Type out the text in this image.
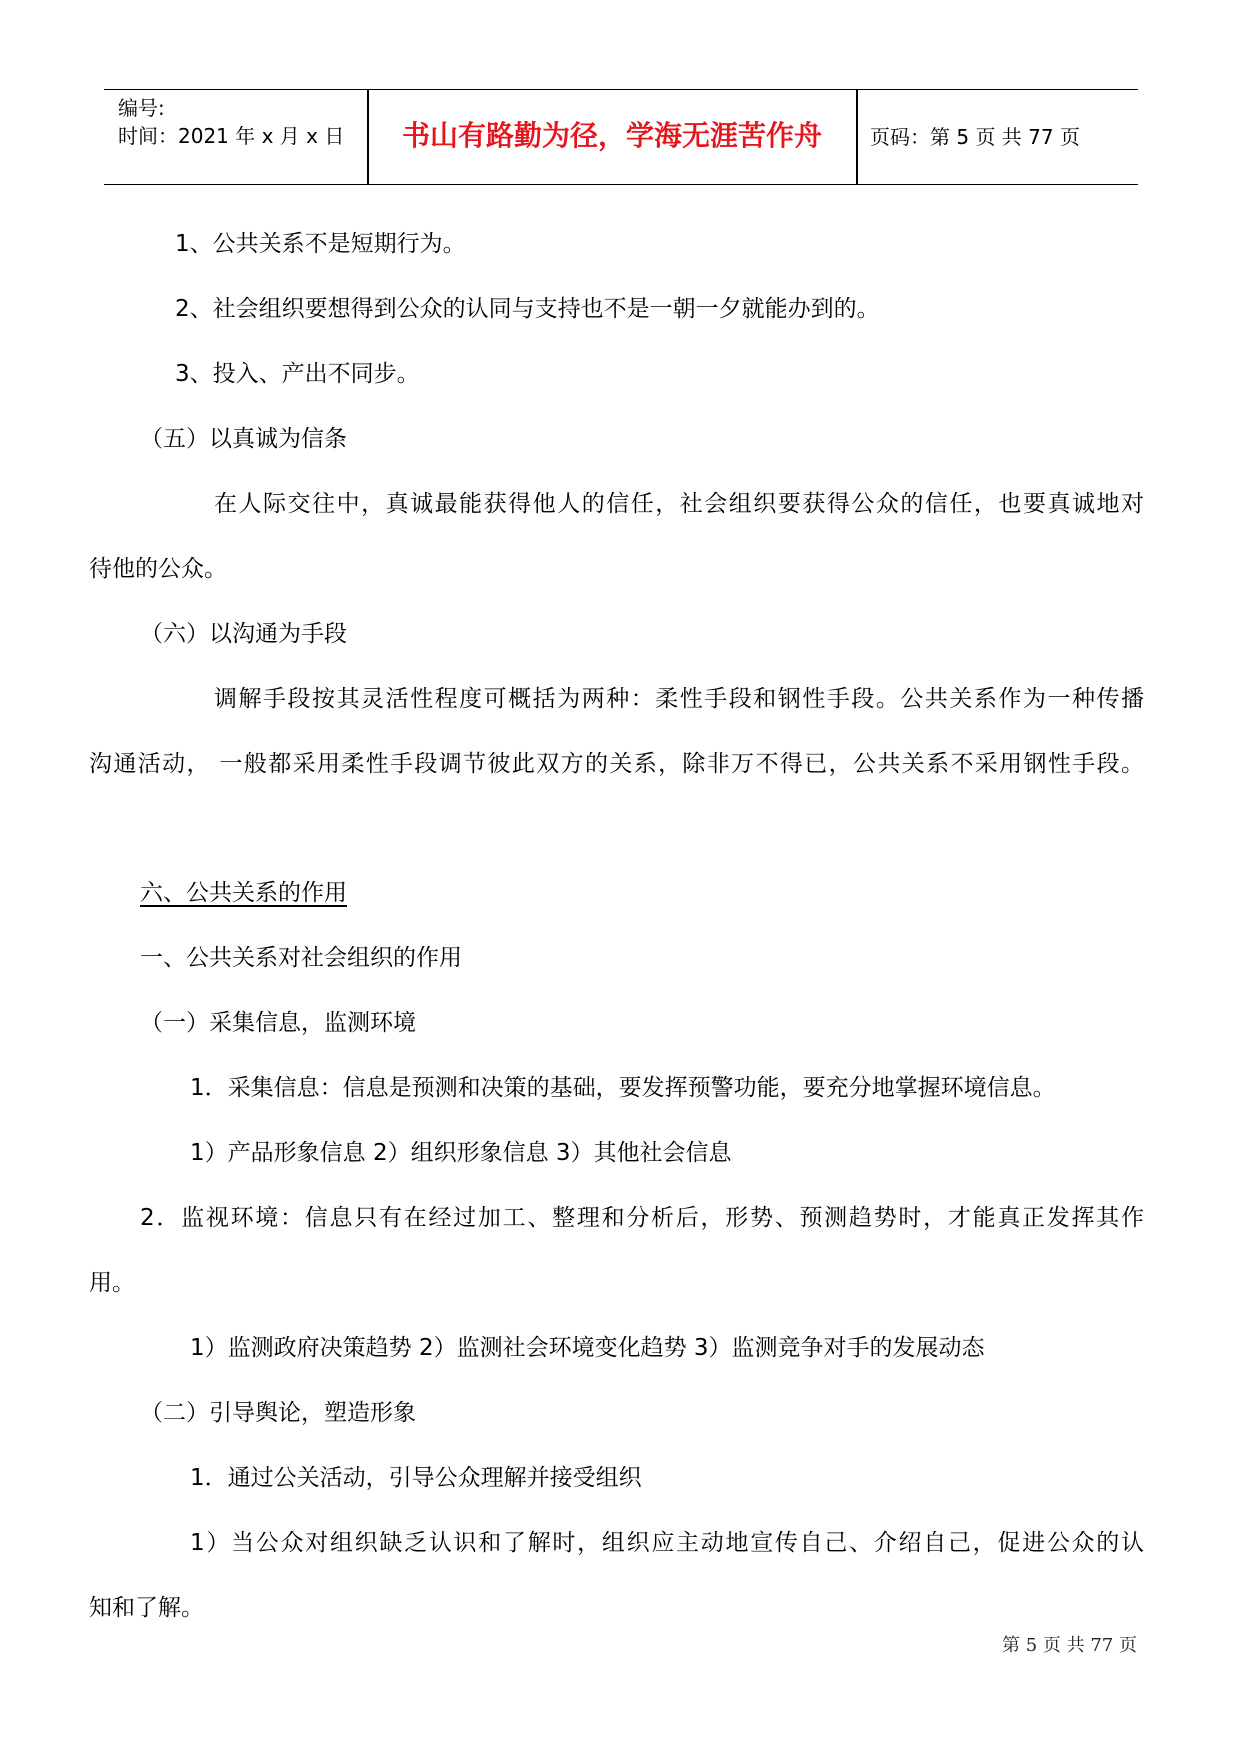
编号:
时间：2021 年 x 月 x 日	书山有路勤为径，学海无涯苦作舟	页码：第 5 页 共 77 页
1、公共关系不是短期行为。
2、社会组织要想得到公众的认同与支持也不是一朝一夕就能办到的。
3、投入、产出不同步。
（五）以真诚为信条
在人际交往中，真诚最能获得他人的信任，社会组织要获得公众的信任，也要真诚地对
待他的公众。
（六）以沟通为手段
调解手段按其灵活性程度可概括为两种：柔性手段和钢性手段。公共关系作为一种传播
沟通活动， 一般都采用柔性手段调节彼此双方的关系，除非万不得已，公共关系不采用钢性手段。
六、公共关系的作用
一、公共关系对社会组织的作用
（一）采集信息，监测环境
1．采集信息：信息是预测和决策的基础，要发挥预警功能，要充分地掌握环境信息。
1）产品形象信息 2）组织形象信息 3）其他社会信息
2．监视环境：信息只有在经过加工、整理和分析后，形势、预测趋势时，才能真正发挥其作
用。
1）监测政府决策趋势 2）监测社会环境变化趋势 3）监测竞争对手的发展动态
（二）引导舆论，塑造形象
1．通过公关活动，引导公众理解并接受组织
1）当公众对组织缺乏认识和了解时，组织应主动地宣传自己、介绍自己，促进公众的认
知和了解。
第 5 页 共 77 页
